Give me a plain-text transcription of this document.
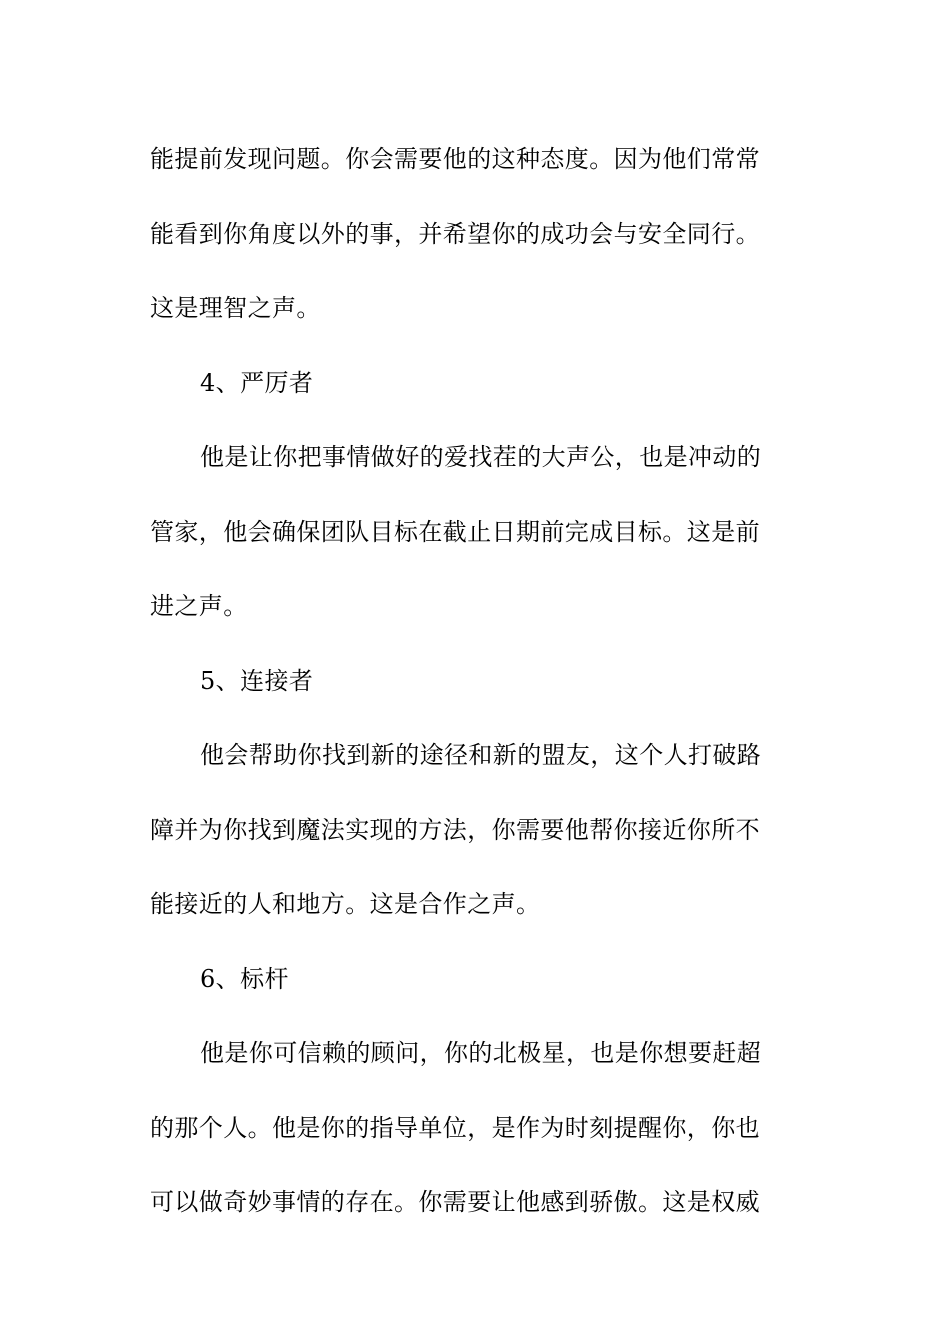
能提前发现问题。你会需要他的这种态度。因为他们常常
能看到你角度以外的事，并希望你的成功会与安全同行。
这是理智之声。
4、严厉者
他是让你把事情做好的爱找茬的大声公，也是冲动的
管家，他会确保团队目标在截止日期前完成目标。这是前
进之声。
5、连接者
他会帮助你找到新的途径和新的盟友，这个人打破路
障并为你找到魔法实现的方法，你需要他帮你接近你所不
能接近的人和地方。这是合作之声。
6、标杆
他是你可信赖的顾问，你的北极星，也是你想要赶超
的那个人。他是你的指导单位，是作为时刻提醒你，你也
可以做奇妙事情的存在。你需要让他感到骄傲。这是权威
